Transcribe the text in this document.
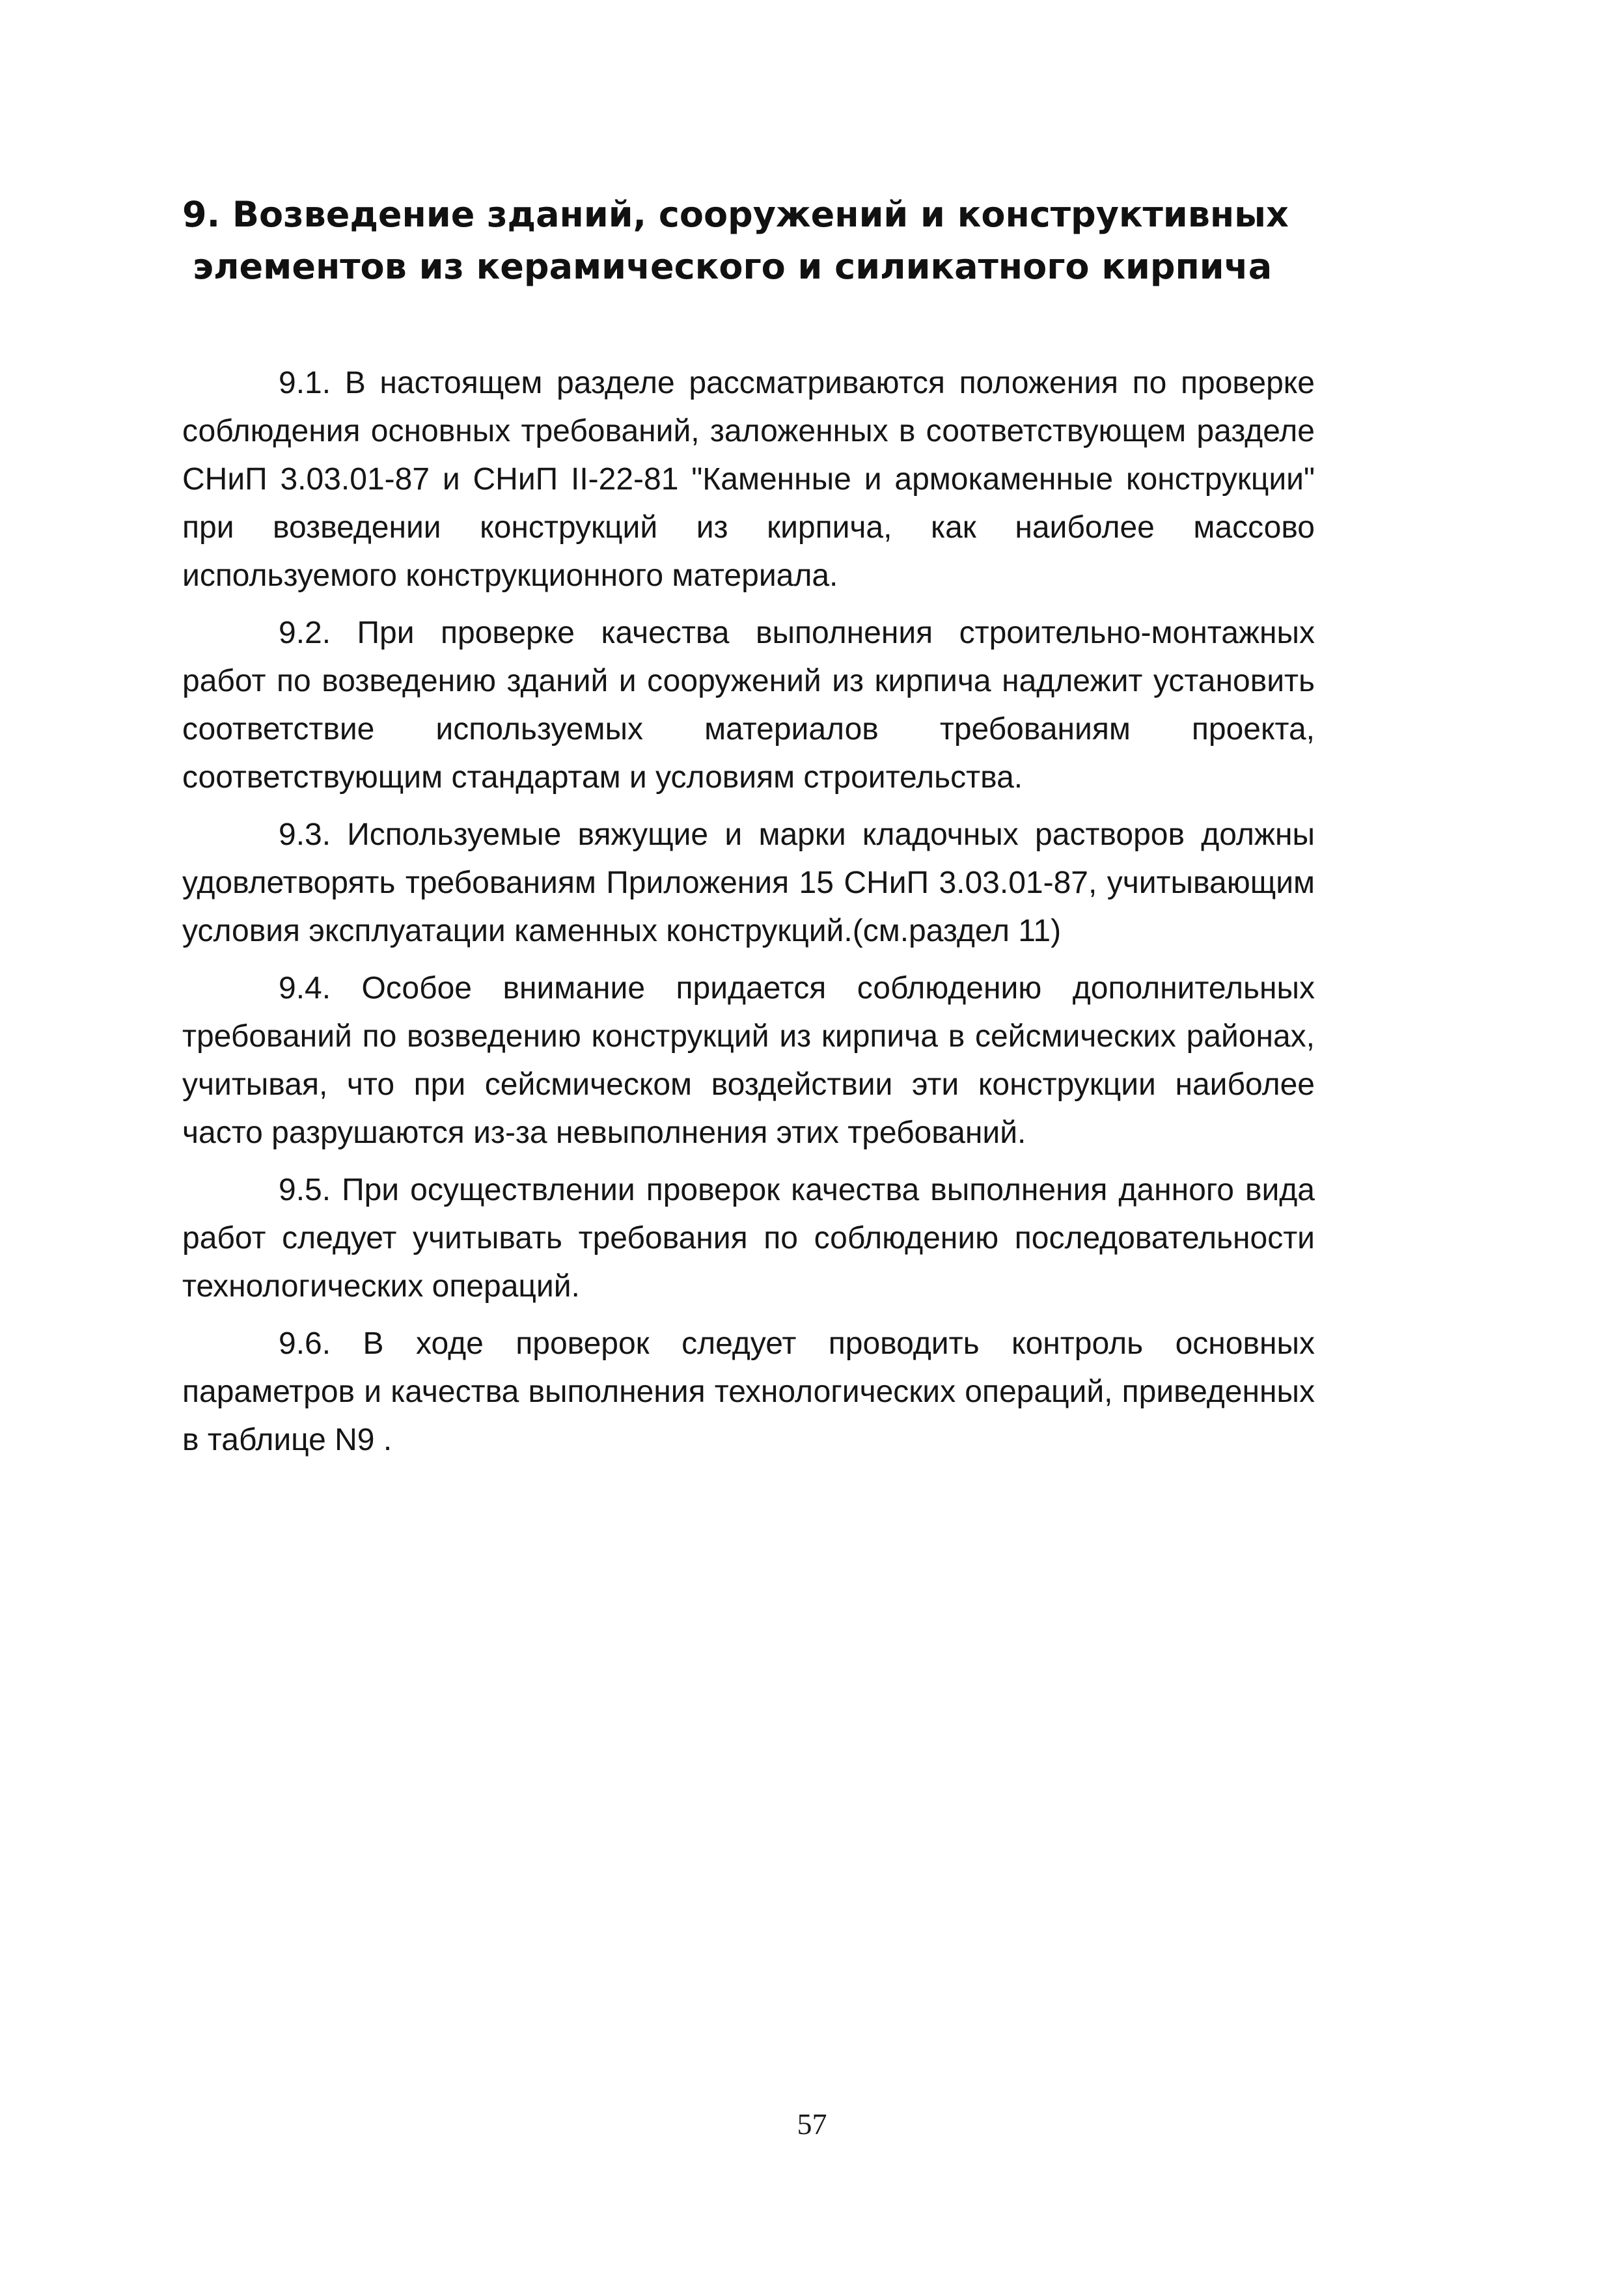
9. Возведение зданий, сооружений и конструктивных
элементов из керамического и силикатного кирпича

9.1. В настоящем разделе рассматриваются положения по проверке соблюдения основных требований, заложенных в соответствующем разделе СНиП 3.03.01-87 и СНиП II-22-81 "Каменные и армокаменные конструкции" при возведении конструкций из кирпича, как наиболее массово используемого конструкционного материала.

9.2. При проверке качества выполнения строительно-монтажных работ по возведению зданий и сооружений из кирпича надлежит установить соответствие используемых материалов требованиям проекта, соответствующим стандартам и условиям строительства.

9.3. Используемые вяжущие и марки кладочных растворов должны удовлетворять требованиям Приложения 15 СНиП 3.03.01-87, учитывающим условия эксплуатации каменных конструкций.(см.раздел 11)

9.4. Особое внимание придается соблюдению дополнительных требований по возведению конструкций из кирпича в сейсмических районах, учитывая, что при сейсмическом воздействии эти конструкции наиболее часто разрушаются из-за невыполнения этих требований.

9.5. При осуществлении проверок качества выполнения данного вида работ следует учитывать требования по соблюдению последовательности технологических операций.

9.6. В ходе проверок следует проводить контроль основных параметров и качества выполнения технологических операций, приведенных в таблице N9 .

57
